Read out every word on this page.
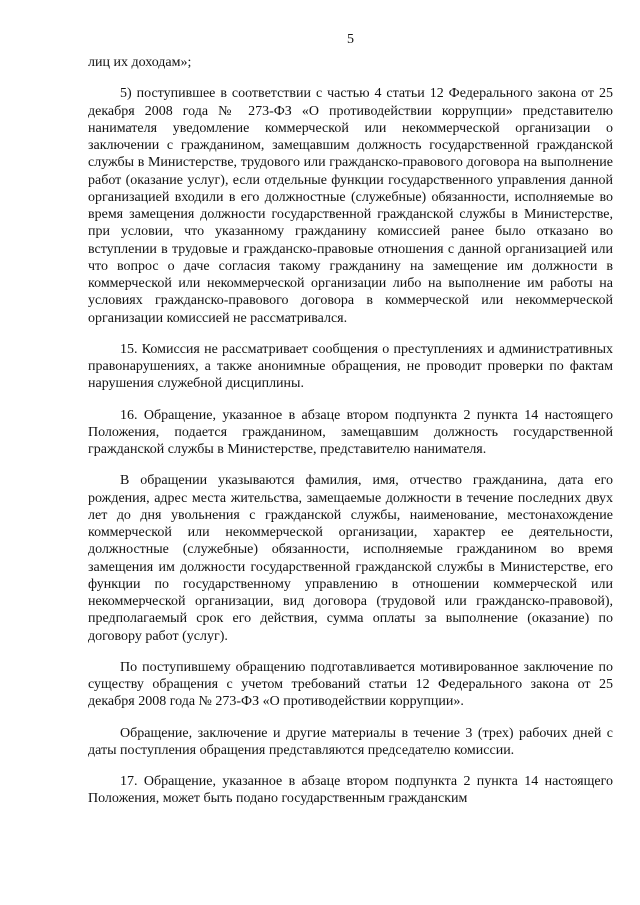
5

лиц их доходам»;

5) поступившее в соответствии с частью 4 статьи 12 Федерального закона от 25 декабря 2008 года № 273-ФЗ «О противодействии коррупции» представителю нанимателя уведомление коммерческой или некоммерческой организации о заключении с гражданином, замещавшим должность государственной гражданской службы в Министерстве, трудового или гражданско-правового договора на выполнение работ (оказание услуг), если отдельные функции государственного управления данной организацией входили в его должностные (служебные) обязанности, исполняемые во время замещения должности государственной гражданской службы в Министерстве, при условии, что указанному гражданину комиссией ранее было отказано во вступлении в трудовые и гражданско-правовые отношения с данной организацией или что вопрос о даче согласия такому гражданину на замещение им должности в коммерческой или некоммерческой организации либо на выполнение им работы на условиях гражданско-правового договора в коммерческой или некоммерческой организации комиссией не рассматривался.

15. Комиссия не рассматривает сообщения о преступлениях и административных правонарушениях, а также анонимные обращения, не проводит проверки по фактам нарушения служебной дисциплины.

16. Обращение, указанное в абзаце втором подпункта 2 пункта 14 настоящего Положения, подается гражданином, замещавшим должность государственной гражданской службы в Министерстве, представителю нанимателя.

В обращении указываются фамилия, имя, отчество гражданина, дата его рождения, адрес места жительства, замещаемые должности в течение последних двух лет до дня увольнения с гражданской службы, наименование, местонахождение коммерческой или некоммерческой организации, характер ее деятельности, должностные (служебные) обязанности, исполняемые гражданином во время замещения им должности государственной гражданской службы в Министерстве, его функции по государственному управлению в отношении коммерческой или некоммерческой организации, вид договора (трудовой или гражданско-правовой), предполагаемый срок его действия, сумма оплаты за выполнение (оказание) по договору работ (услуг).

По поступившему обращению подготавливается мотивированное заключение по существу обращения с учетом требований статьи 12 Федерального закона от 25 декабря 2008 года № 273-ФЗ «О противодействии коррупции».

Обращение, заключение и другие материалы в течение 3 (трех) рабочих дней с даты поступления обращения представляются председателю комиссии.

17. Обращение, указанное в абзаце втором подпункта 2 пункта 14 настоящего Положения, может быть подано государственным гражданским
